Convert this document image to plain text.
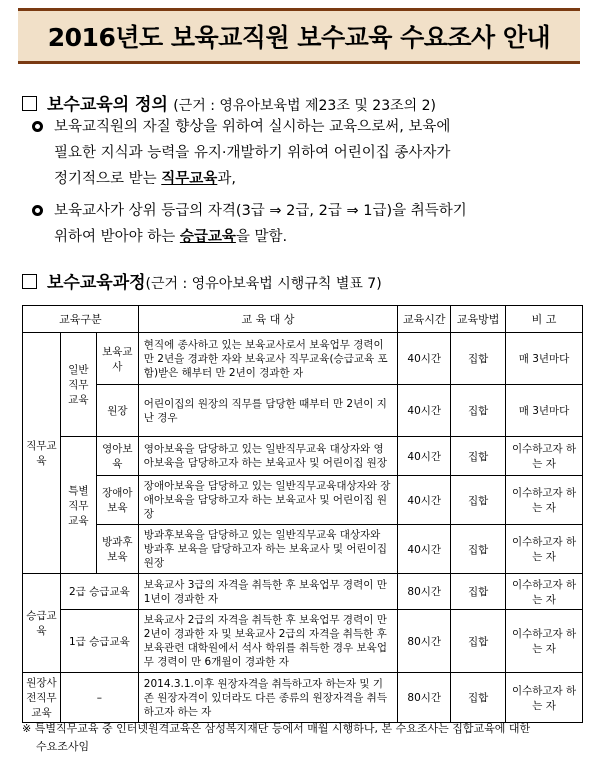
2016년도 보육교직원 보수교육 수요조사 안내
보수교육의 정의 (근거 : 영유아보육법 제23조 및 23조의 2)
보육교직원의 자질 향상을 위하여 실시하는 교육으로써, 보육에
필요한 지식과 능력을 유지·개발하기 위하여 어린이집 종사자가
정기적으로 받는 직무교육과,
보육교사가 상위 등급의 자격(3급 ⇒ 2급, 2급 ⇒ 1급)을 취득하기
위하여 받아야 하는 승급교육을 말함.
보수교육과정(근거 : 영유아보육법 시행규칙 별표 7)
교육구분			교 육 대 상	교육시간	교육방법	비 고
직무교육	일반직무교육	보육교사	현직에 종사하고 있는 보육교사로서 보육업무 경력이 만 2년을 경과한 자와 보육교사 직무교육(승급교육 포함)받은 해부터 만 2년이 경과한 자	40시간	집합	매 3년마다
		원장	어린이집의 원장의 직무를 담당한 때부터 만 2년이 지난 경우	40시간	집합	매 3년마다
	특별직무교육	영아보육	영아보육을 담당하고 있는 일반직무교육 대상자와 영아보육을 담당하고자 하는 보육교사 및 어린이집 원장	40시간	집합	이수하고자 하는 자
		장애아보육	장애아보육을 담당하고 있는 일반직무교육대상자와 장애아보육을 담당하고자 하는 보육교사 및 어린이집 원장	40시간	집합	이수하고자 하는 자
		방과후보육	방과후보육을 담당하고 있는 일반직무교육 대상자와 방과후 보육을 담당하고자 하는 보육교사 및 어린이집 원장	40시간	집합	이수하고자 하는 자
승급교육	2급 승급교육		보육교사 3급의 자격을 취득한 후 보육업무 경력이 만 1년이 경과한 자	80시간	집합	이수하고자 하는 자
	1급 승급교육		보육교사 2급의 자격을 취득한 후 보육업무 경력이 만 2년이 경과한 자 및 보육교사 2급의 자격을 취득한 후 보육관련 대학원에서 석사 학위를 취득한 경우 보육업무 경력이 만 6개월이 경과한 자	80시간	집합	이수하고자 하는 자
원장사전직무교육	–		2014.3.1.이후 원장자격을 취득하고자 하는자 및 기존 원장자격이 있더라도 다른 종류의 원장자격을 취득하고자 하는 자	80시간	집합	이수하고자 하는 자
※ 특별직무교육 중 인터넷원격교육은 삼성복지재단 등에서 매월 시행하나, 본 수요조사는 집합교육에 대한
수요조사임
